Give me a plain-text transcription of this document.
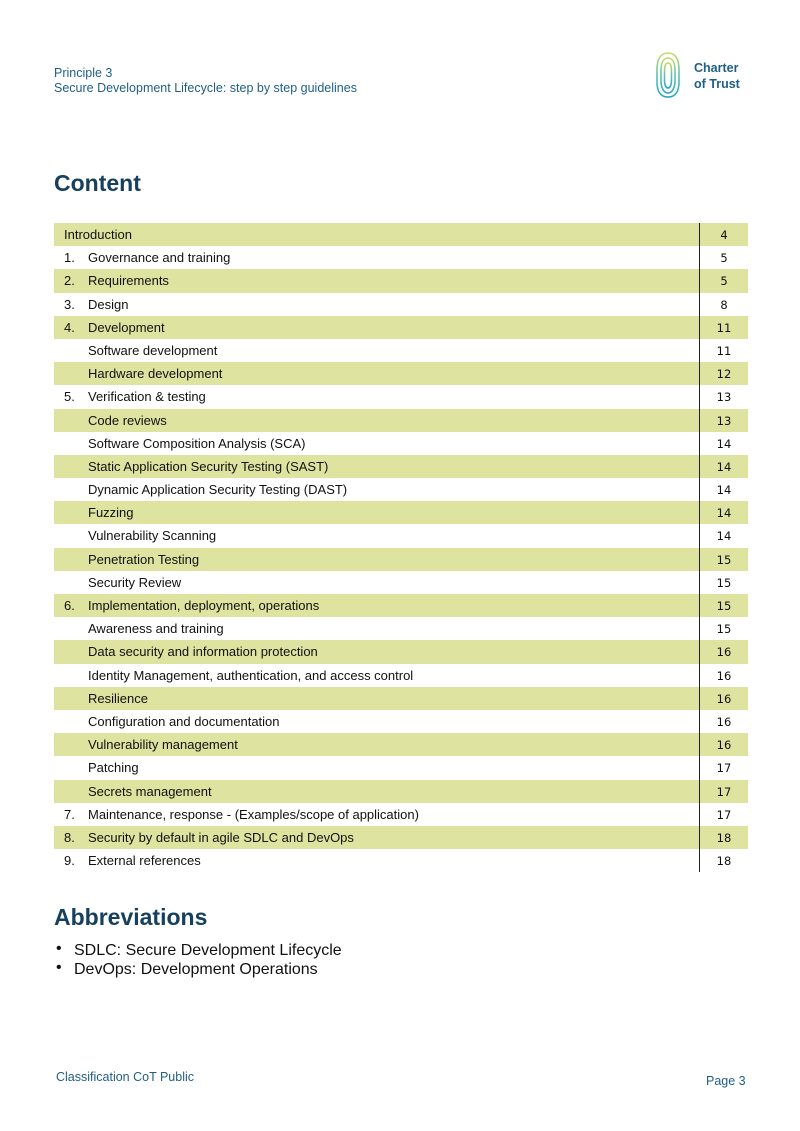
Principle 3
Secure Development Lifecycle: step by step guidelines
Charter
of Trust
Content
Introduction	4
1. Governance and training	5
2. Requirements	5
3. Design	8
4. Development	11
Software development	11
Hardware development	12
5. Verification & testing	13
Code reviews	13
Software Composition Analysis (SCA)	14
Static Application Security Testing (SAST)	14
Dynamic Application Security Testing (DAST)	14
Fuzzing	14
Vulnerability Scanning	14
Penetration Testing	15
Security Review	15
6. Implementation, deployment, operations	15
Awareness and training	15
Data security and information protection	16
Identity Management, authentication, and access control	16
Resilience	16
Configuration and documentation	16
Vulnerability management	16
Patching	17
Secrets management	17
7. Maintenance, response - (Examples/scope of application)	17
8. Security by default in agile SDLC and DevOps	18
9. External references	18
Abbreviations
• SDLC: Secure Development Lifecycle
• DevOps: Development Operations
Classification CoT Public	Page 3
